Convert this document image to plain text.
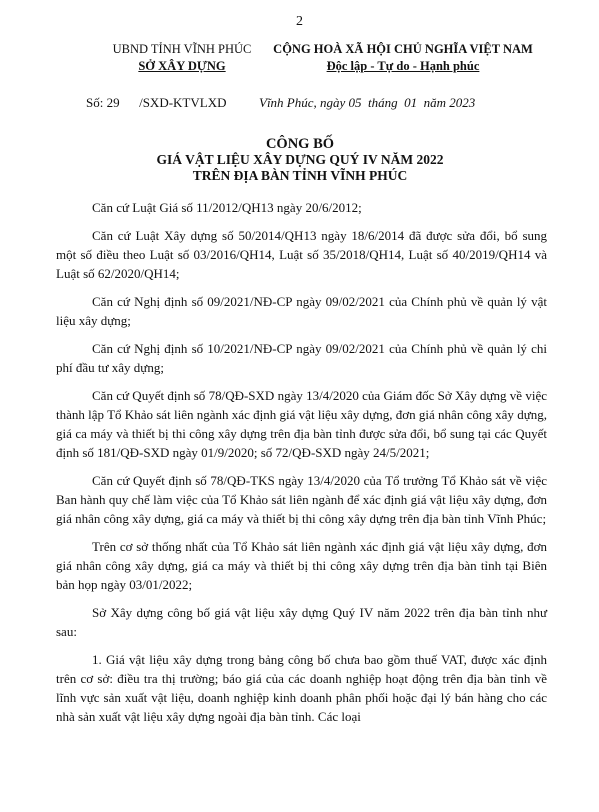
2
UBND TỈNH VĨNH PHÚC
SỞ XÂY DỰNG
CỘNG HOÀ XÃ HỘI CHỦ NGHĨA VIỆT NAM
Độc lập - Tự do - Hạnh phúc
Số: 29      /SXD-KTVLXD	Vĩnh Phúc, ngày 05  tháng  01  năm 2023
CÔNG BỐ
GIÁ VẬT LIỆU XÂY DỰNG QUÝ IV NĂM 2022
TRÊN ĐỊA BÀN TỈNH VĨNH PHÚC

Căn cứ Luật Giá số 11/2012/QH13 ngày 20/6/2012;

Căn cứ Luật Xây dựng số 50/2014/QH13 ngày 18/6/2014 đã được sửa đổi, bổ sung một số điều theo Luật số 03/2016/QH14, Luật số 35/2018/QH14, Luật số 40/2019/QH14 và Luật số 62/2020/QH14;

Căn cứ Nghị định số 09/2021/NĐ-CP ngày 09/02/2021 của Chính phủ về quản lý vật liệu xây dựng;

Căn cứ Nghị định số 10/2021/NĐ-CP ngày 09/02/2021 của Chính phủ về quản lý chi phí đầu tư xây dựng;

Căn cứ Quyết định số 78/QĐ-SXD ngày 13/4/2020 của Giám đốc Sở Xây dựng về việc thành lập Tổ Khảo sát liên ngành xác định giá vật liệu xây dựng, đơn giá nhân công xây dựng, giá ca máy và thiết bị thi công xây dựng trên địa bàn tỉnh được sửa đổi, bổ sung tại các Quyết định số 181/QĐ-SXD ngày 01/9/2020; số 72/QĐ-SXD ngày 24/5/2021;

Căn cứ Quyết định số 78/QĐ-TKS ngày 13/4/2020 của Tổ trưởng Tổ Khảo sát về việc Ban hành quy chế làm việc của Tổ Khảo sát liên ngành để xác định giá vật liệu xây dựng, đơn giá nhân công xây dựng, giá ca máy và thiết bị thi công xây dựng trên địa bàn tỉnh Vĩnh Phúc;

Trên cơ sở thống nhất của Tổ Khảo sát liên ngành xác định giá vật liệu xây dựng, đơn giá nhân công xây dựng, giá ca máy và thiết bị thi công xây dựng trên địa bàn tỉnh tại Biên bản họp ngày 03/01/2022;

Sở Xây dựng công bố giá vật liệu xây dựng Quý IV năm 2022 trên địa bàn tỉnh như sau:

1. Giá vật liệu xây dựng trong bảng công bố chưa bao gồm thuế VAT, được xác định trên cơ sở: điều tra thị trường; báo giá của các doanh nghiệp hoạt động trên địa bàn tỉnh về lĩnh vực sản xuất vật liệu, doanh nghiệp kinh doanh phân phối hoặc đại lý bán hàng cho các nhà sản xuất vật liệu xây dựng ngoài địa bàn tỉnh. Các loại
